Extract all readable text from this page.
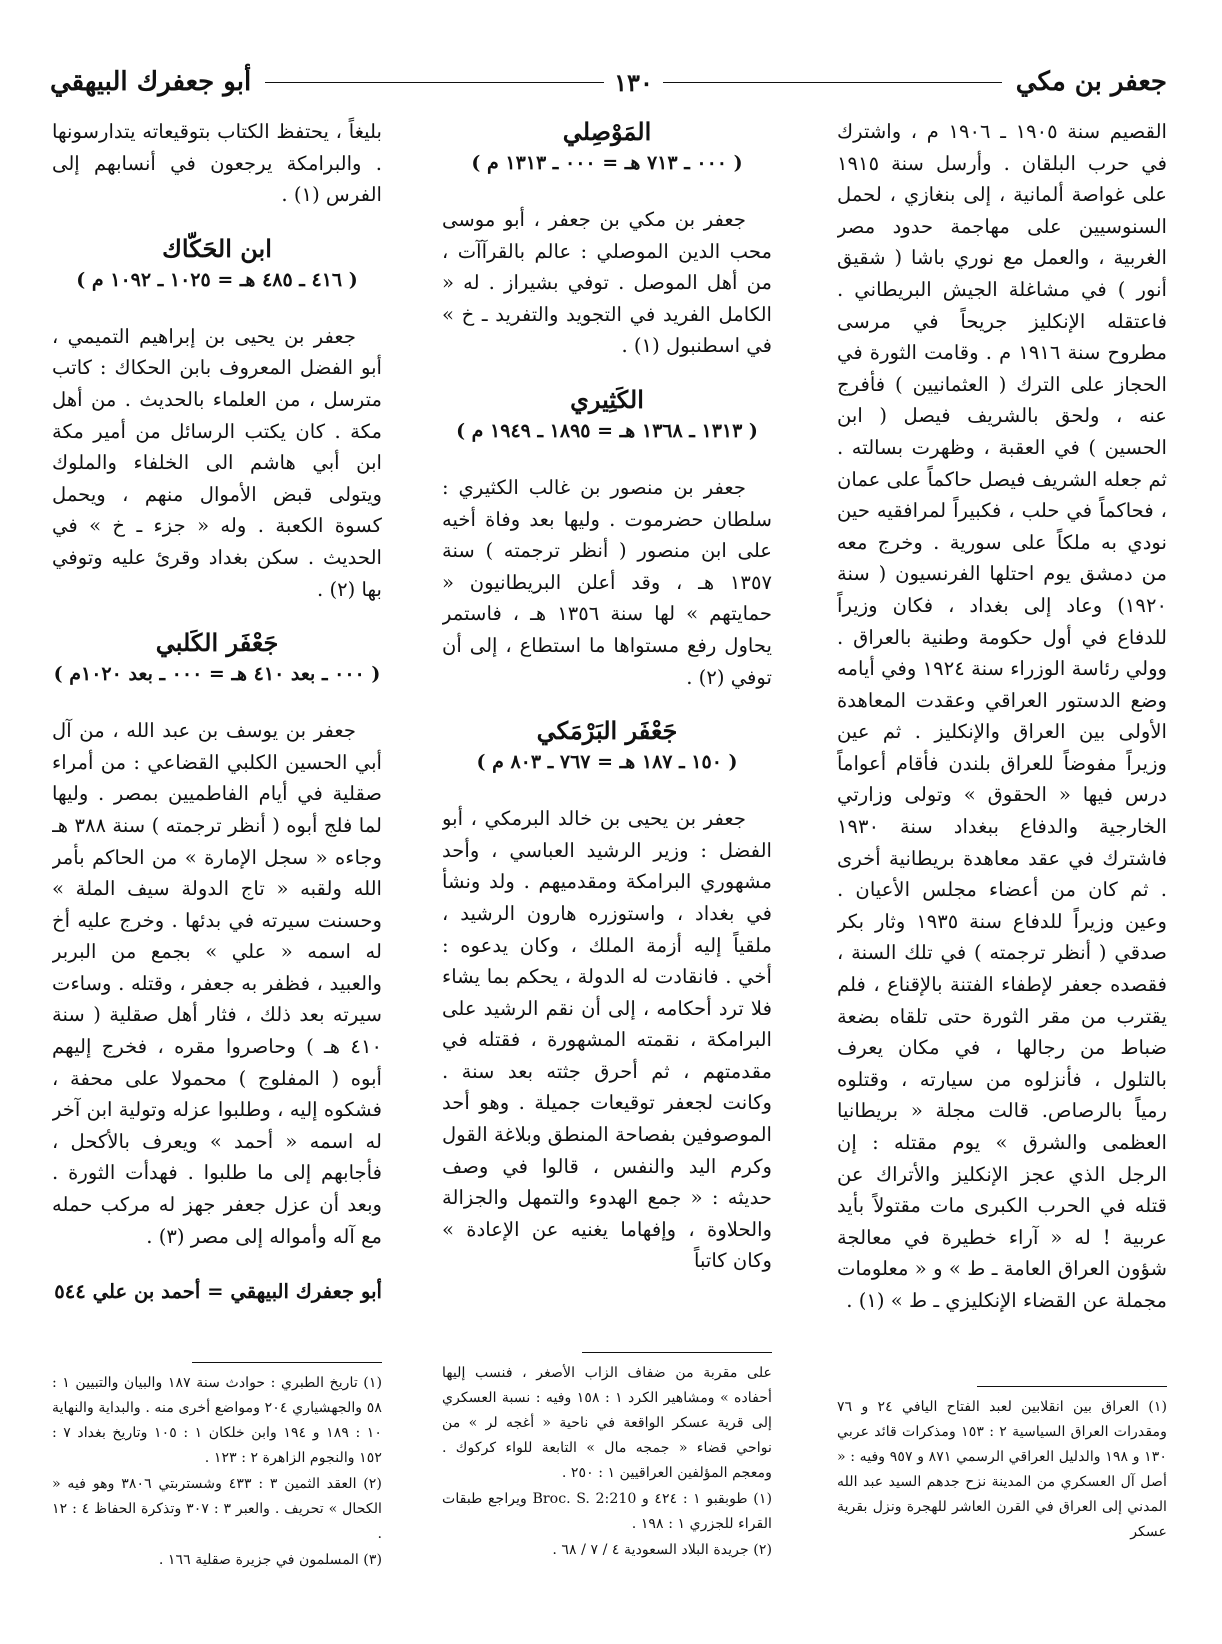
جعفر بن مكي
١٣٠
أبو جعفرك البيهقي

القصيم سنة ١٩٠٥ ـ ١٩٠٦ م ، واشترك في حرب البلقان . وأرسل سنة ١٩١٥ على غواصة ألمانية ، إلى بنغازي ، لحمل السنوسيين على مهاجمة حدود مصر الغربية ، والعمل مع نوري باشا ( شقيق أنور ) في مشاغلة الجيش البريطاني . فاعتقله الإنكليز جريحاً في مرسى مطروح سنة ١٩١٦ م . وقامت الثورة في الحجاز على الترك ( العثمانيين ) فأفرج عنه ، ولحق بالشريف فيصل ( ابن الحسين ) في العقبة ، وظهرت بسالته . ثم جعله الشريف فيصل حاكماً على عمان ، فحاكماً في حلب ، فكبيراً لمرافقيه حين نودي به ملكاً على سورية . وخرج معه من دمشق يوم احتلها الفرنسيون ( سنة ١٩٢٠) وعاد إلى بغداد ، فكان وزيراً للدفاع في أول حكومة وطنية بالعراق . وولي رئاسة الوزراء سنة ١٩٢٤ وفي أيامه وضع الدستور العراقي وعقدت المعاهدة الأولى بين العراق والإنكليز . ثم عين وزيراً مفوضاً للعراق بلندن فأقام أعواماً درس فيها « الحقوق » وتولى وزارتي الخارجية والدفاع ببغداد سنة ١٩٣٠ فاشترك في عقد معاهدة بريطانية أخرى . ثم كان من أعضاء مجلس الأعيان . وعين وزيراً للدفاع سنة ١٩٣٥ وثار بكر صدقي ( أنظر ترجمته ) في تلك السنة ، فقصده جعفر لإطفاء الفتنة بالإقناع ، فلم يقترب من مقر الثورة حتى تلقاه بضعة ضباط من رجالها ، في مكان يعرف بالتلول ، فأنزلوه من سيارته ، وقتلوه رمياً بالرصاص. قالت مجلة « بريطانيا العظمى والشرق » يوم مقتله : إن الرجل الذي عجز الإنكليز والأتراك عن قتله في الحرب الكبرى مات مقتولاً بأيد عربية ! له « آراء خطيرة في معالجة شؤون العراق العامة ـ ط » و « معلومات مجملة عن القضاء الإنكليزي ـ ط » (١) .

(١) العراق بين انقلابين لعبد الفتاح اليافي ٢٤ و ٧٦ ومقدرات العراق السياسية ٢ : ١٥٣ ومذكرات قائد عربي ١٣٠ و ١٩٨ والدليل العراقي الرسمي ٨٧١ و ٩٥٧ وفيه : « أصل آل العسكري من المدينة نزح جدهم السيد عبد الله المدني إلى العراق في القرن العاشر للهجرة ونزل بقرية عسكر

المَوْصِلي
( ٠٠٠ ـ ٧١٣ هـ = ٠٠٠ ـ ١٣١٣ م )

جعفر بن مكي بن جعفر ، أبو موسى محب الدين الموصلي : عالم بالقرآآت ، من أهل الموصل . توفي بشيراز . له « الكامل الفريد في التجويد والتفريد ـ خ » في اسطنبول (١) .

الكَثِيري
( ١٣١٣ ـ ١٣٦٨ هـ = ١٨٩٥ ـ ١٩٤٩ م )

جعفر بن منصور بن غالب الكثيري : سلطان حضرموت . وليها بعد وفاة أخيه على ابن منصور ( أنظر ترجمته ) سنة ١٣٥٧ هـ ، وقد أعلن البريطانيون « حمايتهم » لها سنة ١٣٥٦ هـ ، فاستمر يحاول رفع مستواها ما استطاع ، إلى أن توفي (٢) .

جَعْفَر البَرْمَكي
( ١٥٠ ـ ١٨٧ هـ = ٧٦٧ ـ ٨٠٣ م )

جعفر بن يحيى بن خالد البرمكي ، أبو الفضل : وزير الرشيد العباسي ، وأحد مشهوري البرامكة ومقدميهم . ولد ونشأ في بغداد ، واستوزره هارون الرشيد ، ملقياً إليه أزمة الملك ، وكان يدعوه : أخي . فانقادت له الدولة ، يحكم بما يشاء فلا ترد أحكامه ، إلى أن نقم الرشيد على البرامكة ، نقمته المشهورة ، فقتله في مقدمتهم ، ثم أحرق جثته بعد سنة . وكانت لجعفر توقيعات جميلة . وهو أحد الموصوفين بفصاحة المنطق وبلاغة القول وكرم اليد والنفس ، قالوا في وصف حديثه : « جمع الهدوء والتمهل والجزالة والحلاوة ، وإفهاما يغنيه عن الإعادة » وكان كاتباً

على مقربة من ضفاف الزاب الأصغر ، فنسب إليها أحفاده » ومشاهير الكرد ١ : ١٥٨ وفيه : نسبة العسكري إلى قرية عسكر الواقعة في ناحية « أغجه لر » من نواحي قضاء « جمجه مال » التابعة للواء كركوك . ومعجم المؤلفين العراقيين ١ : ٢٥٠ .

(١) طوبقبو ١ : ٤٢٤ و Broc. S. 2:210 ويراجع طبقات القراء للجزري ١ : ١٩٨ .

(٢) جريدة البلاد السعودية ٤ / ٧ / ٦٨ .

بليغاً ، يحتفظ الكتاب بتوقيعاته يتدارسونها . والبرامكة يرجعون في أنسابهم إلى الفرس (١) .

ابن الحَكّاك
( ٤١٦ ـ ٤٨٥ هـ = ١٠٢٥ ـ ١٠٩٢ م )

جعفر بن يحيى بن إبراهيم التميمي ، أبو الفضل المعروف بابن الحكاك : كاتب مترسل ، من العلماء بالحديث . من أهل مكة . كان يكتب الرسائل من أمير مكة ابن أبي هاشم الى الخلفاء والملوك ويتولى قبض الأموال منهم ، ويحمل كسوة الكعبة . وله « جزء ـ خ » في الحديث . سكن بغداد وقرئ عليه وتوفي بها (٢) .

جَعْفَر الكَلبي
( ٠٠٠ ـ بعد ٤١٠ هـ = ٠٠٠ ـ بعد ١٠٢٠م )

جعفر بن يوسف بن عبد الله ، من آل أبي الحسين الكلبي القضاعي : من أمراء صقلية في أيام الفاطميين بمصر . وليها لما فلج أبوه ( أنظر ترجمته ) سنة ٣٨٨ هـ وجاءه « سجل الإمارة » من الحاكم بأمر الله ولقبه « تاج الدولة سيف الملة » وحسنت سيرته في بدئها . وخرج عليه أخ له اسمه « علي » بجمع من البربر والعبيد ، فظفر به جعفر ، وقتله . وساءت سيرته بعد ذلك ، فثار أهل صقلية ( سنة ٤١٠ هـ ) وحاصروا مقره ، فخرج إليهم أبوه ( المفلوج ) محمولا على محفة ، فشكوه إليه ، وطلبوا عزله وتولية ابن آخر له اسمه « أحمد » ويعرف بالأكحل ، فأجابهم إلى ما طلبوا . فهدأت الثورة . وبعد أن عزل جعفر جهز له مركب حمله مع آله وأمواله إلى مصر (٣) .

أبو جعفرك البيهقي = أحمد بن علي ٥٤٤

(١) تاريخ الطبري : حوادث سنة ١٨٧ والبيان والتبيين ١ : ٥٨ والجهشياري ٢٠٤ ومواضع أخرى منه . والبداية والنهاية ١٠ : ١٨٩ و ١٩٤ وابن خلكان ١ : ١٠٥ وتاريخ بغداد ٧ : ١٥٢ والنجوم الزاهرة ٢ : ١٢٣ .

(٢) العقد الثمين ٣ : ٤٣٣ وشستربتي ٣٨٠٦ وهو فيه « الكحال » تحريف . والعبر ٣ : ٣٠٧ وتذكرة الحفاظ ٤ : ١٢ .

(٣) المسلمون في جزيرة صقلية ١٦٦ .
